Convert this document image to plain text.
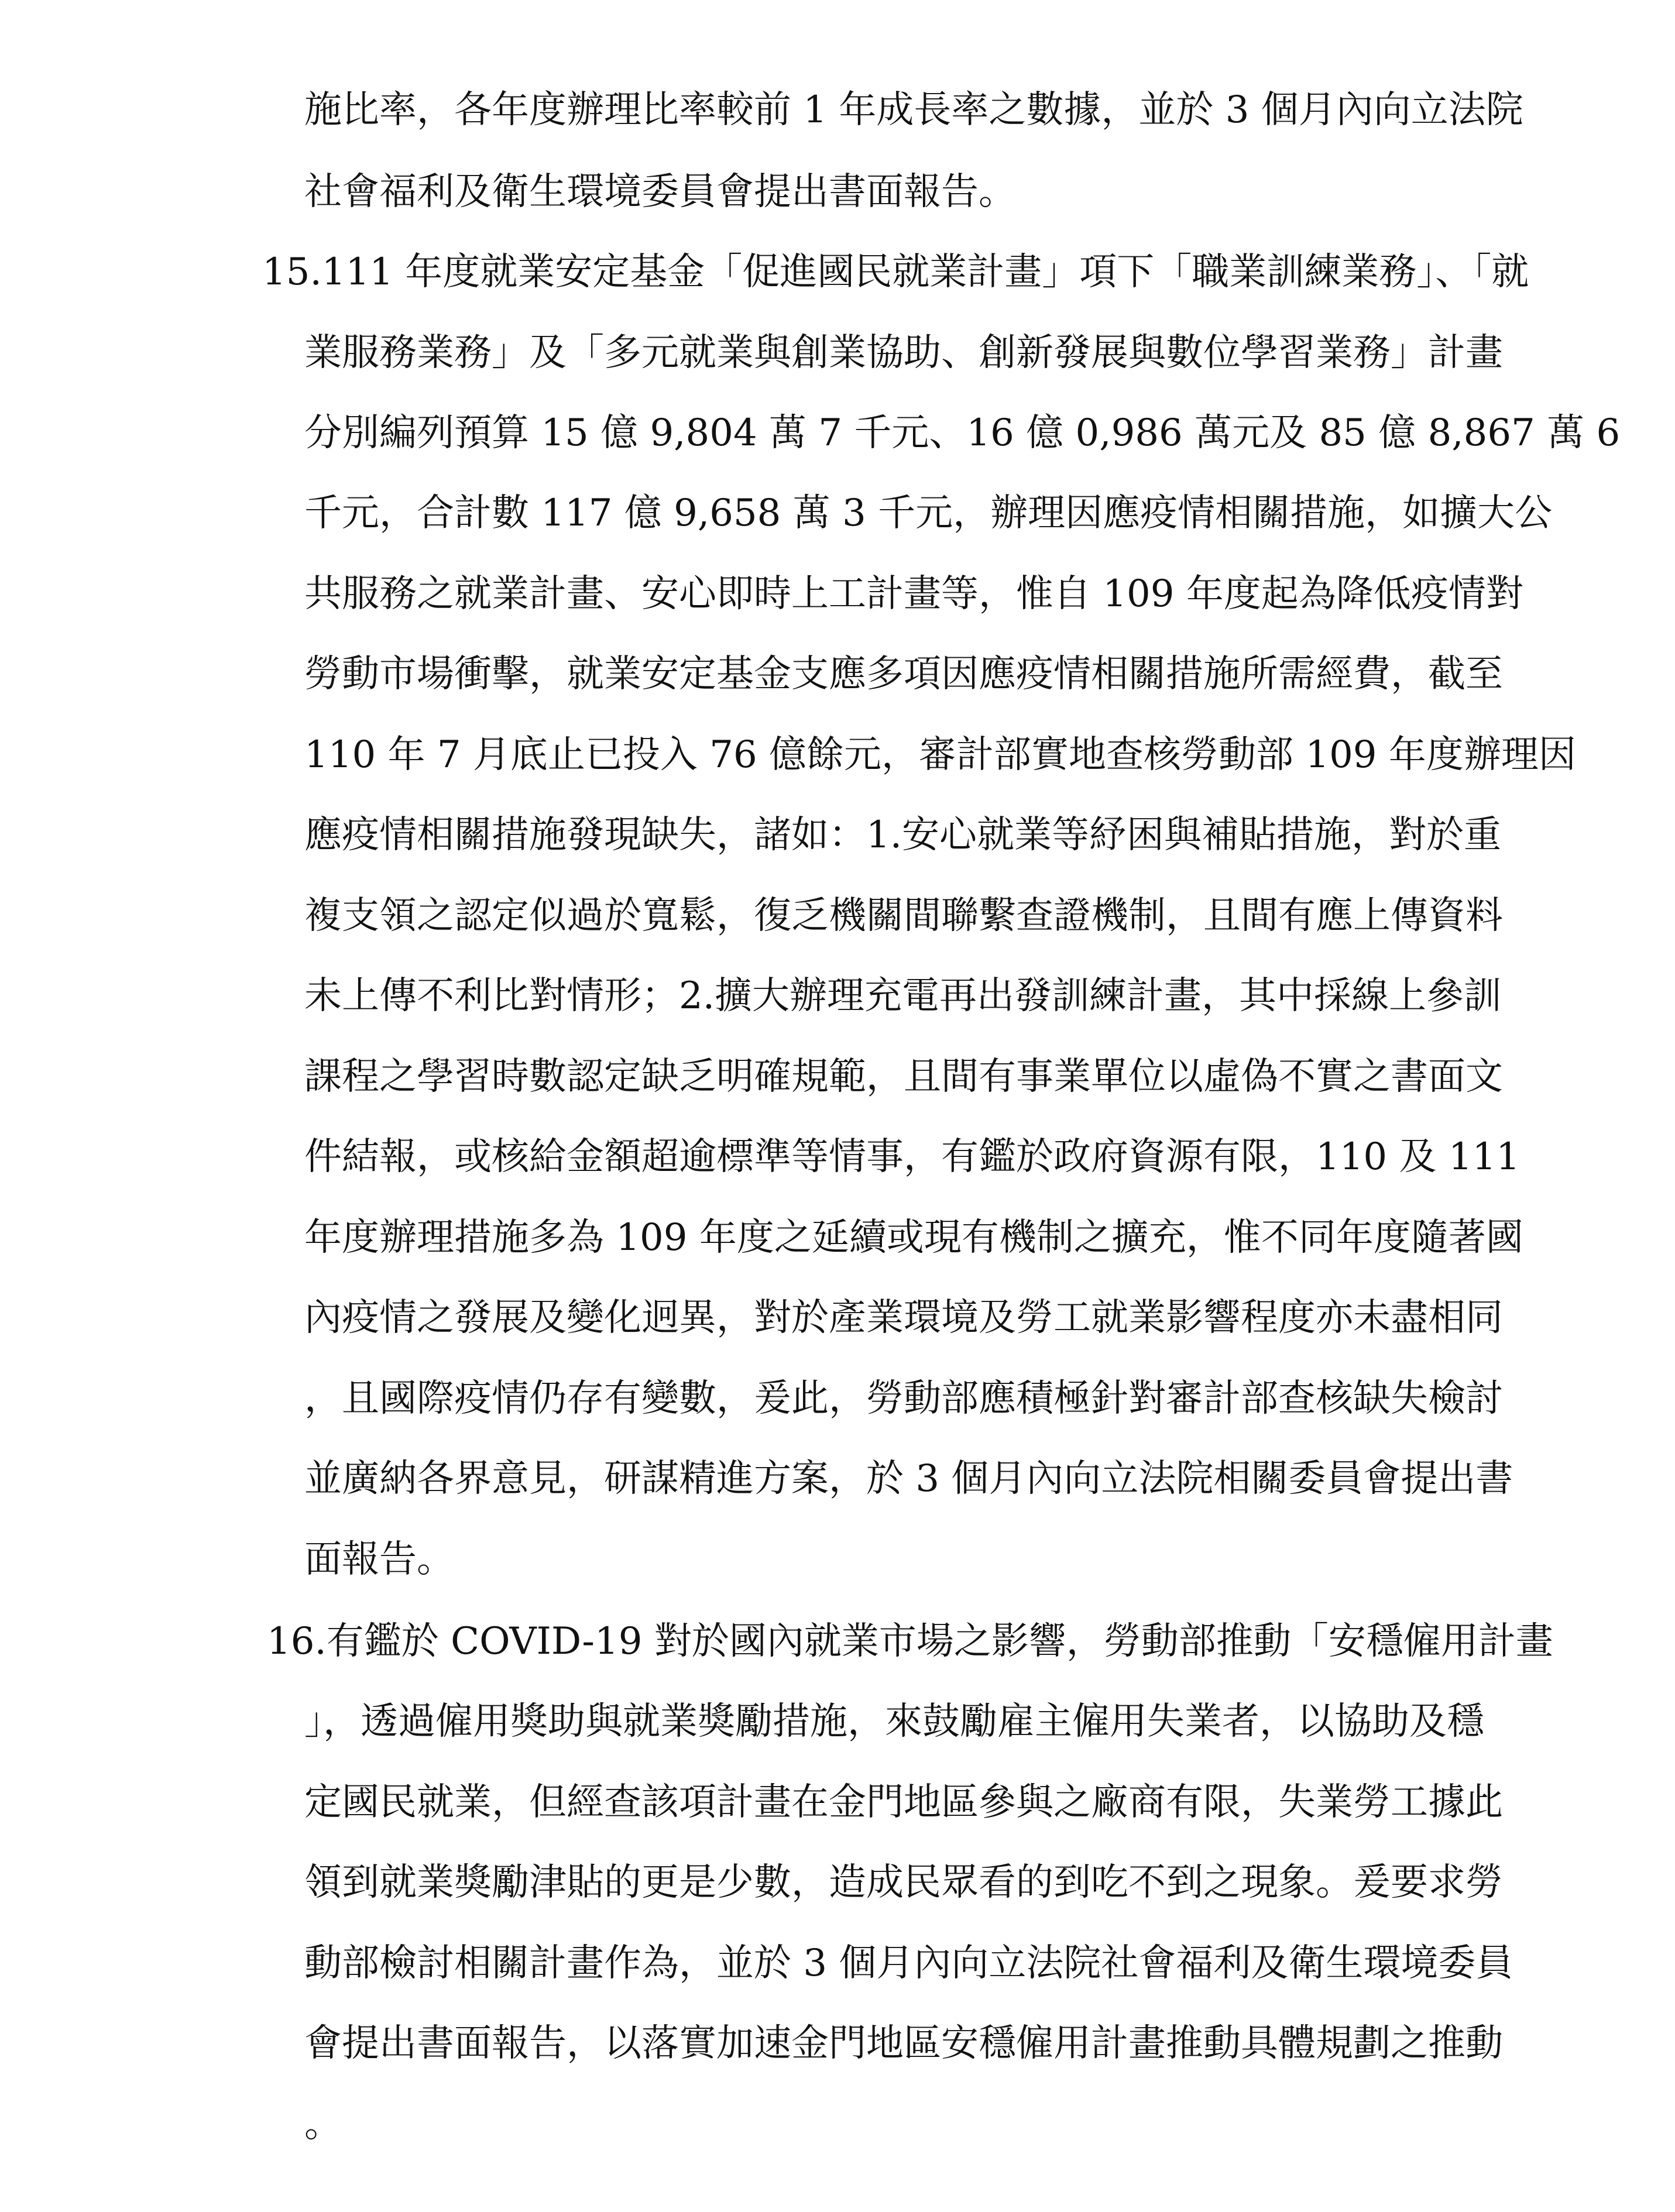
施比率，各年度辦理比率較前 1 年成長率之數據，並於 3 個月內向立法院
社會福利及衛生環境委員會提出書面報告。
15.111 年度就業安定基金「促進國民就業計畫」項下「職業訓練業務」、「就
業服務業務」及「多元就業與創業協助、創新發展與數位學習業務」計畫
分別編列預算 15 億 9,804 萬 7 千元、16 億 0,986 萬元及 85 億 8,867 萬 6
千元，合計數 117 億 9,658 萬 3 千元，辦理因應疫情相關措施，如擴大公
共服務之就業計畫、安心即時上工計畫等，惟自 109 年度起為降低疫情對
勞動市場衝擊，就業安定基金支應多項因應疫情相關措施所需經費，截至
110 年 7 月底止已投入 76 億餘元，審計部實地查核勞動部 109 年度辦理因
應疫情相關措施發現缺失，諸如：1.安心就業等紓困與補貼措施，對於重
複支領之認定似過於寬鬆，復乏機關間聯繫查證機制，且間有應上傳資料
未上傳不利比對情形；2.擴大辦理充電再出發訓練計畫，其中採線上參訓
課程之學習時數認定缺乏明確規範，且間有事業單位以虛偽不實之書面文
件結報，或核給金額超逾標準等情事，有鑑於政府資源有限，110 及 111
年度辦理措施多為 109 年度之延續或現有機制之擴充，惟不同年度隨著國
內疫情之發展及變化迥異，對於產業環境及勞工就業影響程度亦未盡相同
，且國際疫情仍存有變數，爰此，勞動部應積極針對審計部查核缺失檢討
並廣納各界意見，研謀精進方案，於 3 個月內向立法院相關委員會提出書
面報告。
16.有鑑於 COVID-19 對於國內就業市場之影響，勞動部推動「安穩僱用計畫
」，透過僱用獎助與就業獎勵措施，來鼓勵雇主僱用失業者，以協助及穩
定國民就業，但經查該項計畫在金門地區參與之廠商有限，失業勞工據此
領到就業獎勵津貼的更是少數，造成民眾看的到吃不到之現象。爰要求勞
動部檢討相關計畫作為，並於 3 個月內向立法院社會福利及衛生環境委員
會提出書面報告，以落實加速金門地區安穩僱用計畫推動具體規劃之推動
。
